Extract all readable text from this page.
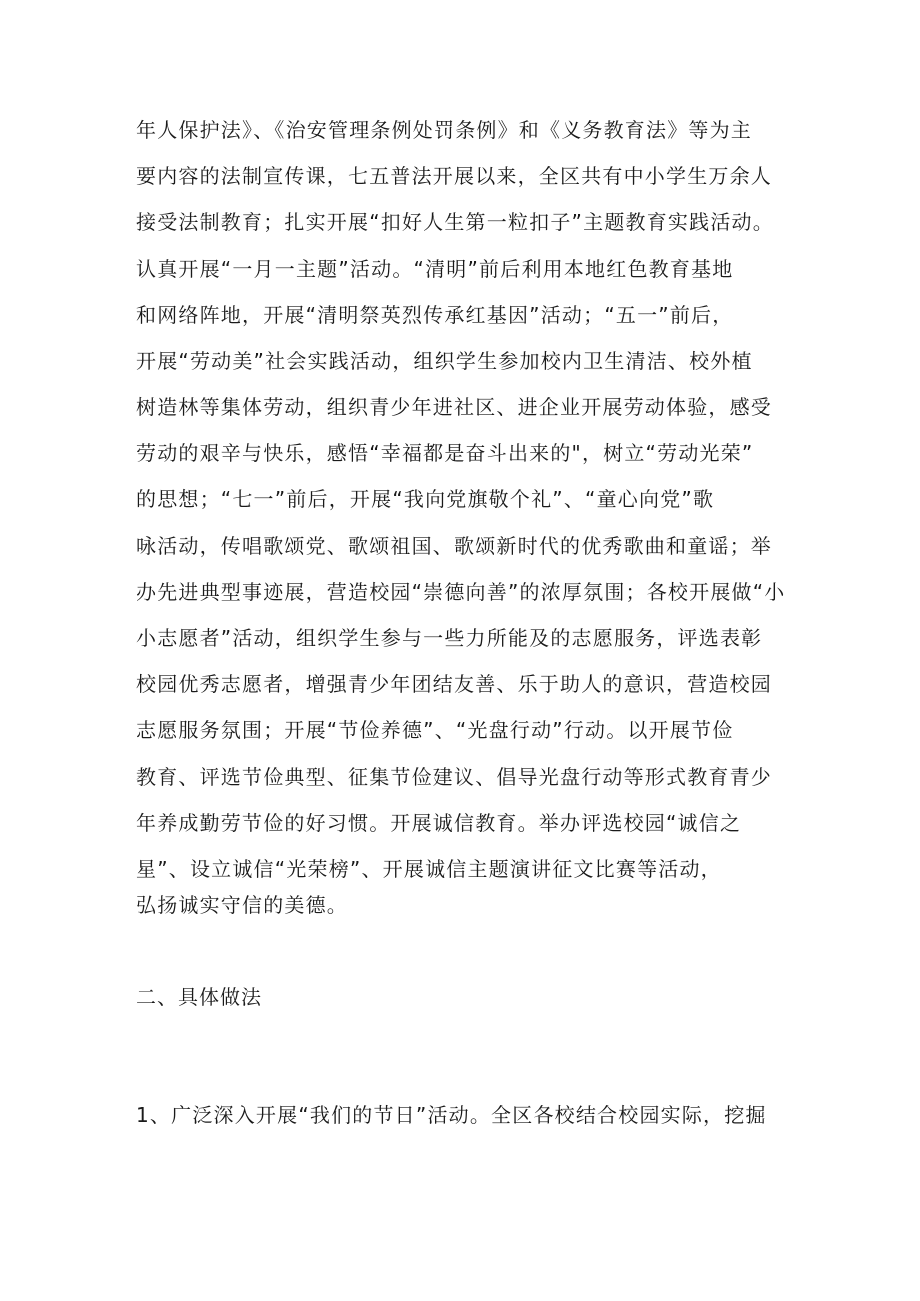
年人保护法》、《治安管理条例处罚条例》和《义务教育法》等为主
要内容的法制宣传课，七五普法开展以来，全区共有中小学生万余人
接受法制教育；扎实开展“扣好人生第一粒扣子”主题教育实践活动。
认真开展“一月一主题”活动。“清明”前后利用本地红色教育基地
和网络阵地，开展“清明祭英烈传承红基因”活动；“五一”前后，
开展“劳动美”社会实践活动，组织学生参加校内卫生清洁、校外植
树造林等集体劳动，组织青少年进社区、进企业开展劳动体验，感受
劳动的艰辛与快乐，感悟“幸福都是奋斗出来的"，树立“劳动光荣”
的思想；“七一”前后，开展“我向党旗敬个礼”、“童心向党”歌
咏活动，传唱歌颂党、歌颂祖国、歌颂新时代的优秀歌曲和童谣；举
办先进典型事迹展，营造校园“崇德向善”的浓厚氛围；各校开展做“小
小志愿者”活动，组织学生参与一些力所能及的志愿服务，评选表彰
校园优秀志愿者，增强青少年团结友善、乐于助人的意识，营造校园
志愿服务氛围；开展“节俭养德”、“光盘行动”行动。以开展节俭
教育、评选节俭典型、征集节俭建议、倡导光盘行动等形式教育青少
年养成勤劳节俭的好习惯。开展诚信教育。举办评选校园“诚信之
星”、设立诚信“光荣榜”、开展诚信主题演讲征文比赛等活动，
弘扬诚实守信的美德。
二、具体做法
1、广泛深入开展“我们的节日”活动。全区各校结合校园实际，挖掘
